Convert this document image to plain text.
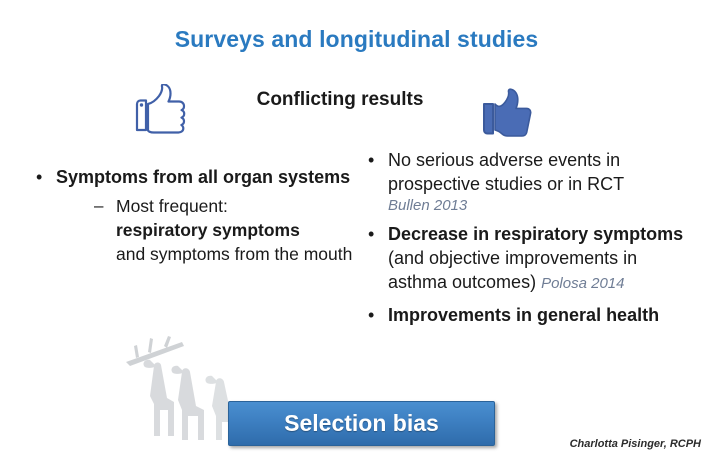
Surveys and longitudinal studies
Conflicting results
• Symptoms from all organ systems
– Most frequent:
respiratory symptoms
and symptoms from the mouth
• No serious adverse events in prospective studies or in RCT
Bullen 2013
• Decrease in respiratory symptoms (and objective improvements in asthma outcomes) Polosa 2014
• Improvements in general health
Selection bias
Charlotta Pisinger, RCPH
